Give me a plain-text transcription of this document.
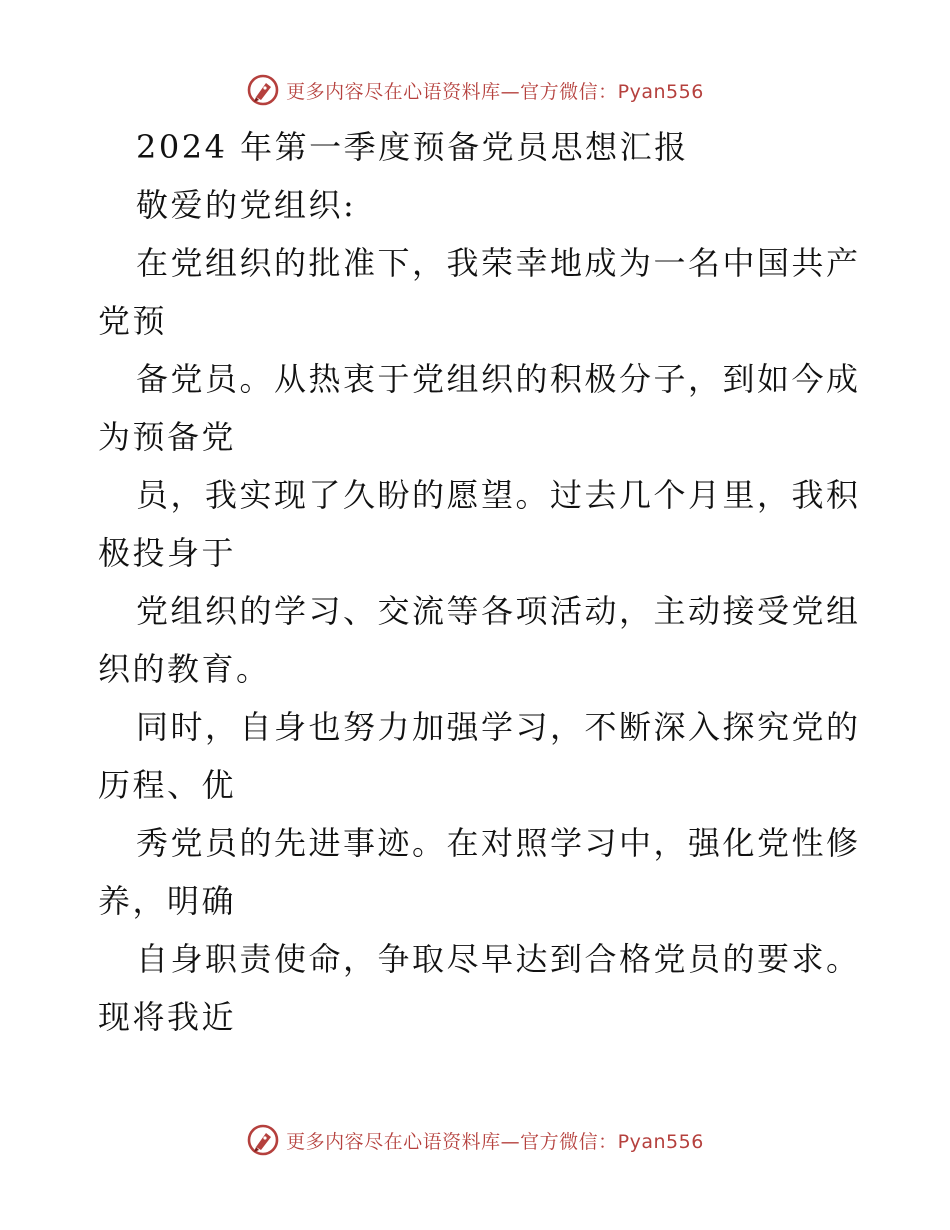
更多内容尽在心语资料库—官方微信：Pyan556
2024 年第一季度预备党员思想汇报
敬爱的党组织:
在党组织的批准下，我荣幸地成为一名中国共产
党预
备党员。从热衷于党组织的积极分子，到如今成
为预备党
员，我实现了久盼的愿望。过去几个月里，我积
极投身于
党组织的学习、交流等各项活动，主动接受党组
织的教育。
同时，自身也努力加强学习，不断深入探究党的
历程、优
秀党员的先进事迹。在对照学习中，强化党性修
养，明确
自身职责使命，争取尽早达到合格党员的要求。
现将我近
更多内容尽在心语资料库—官方微信：Pyan556
